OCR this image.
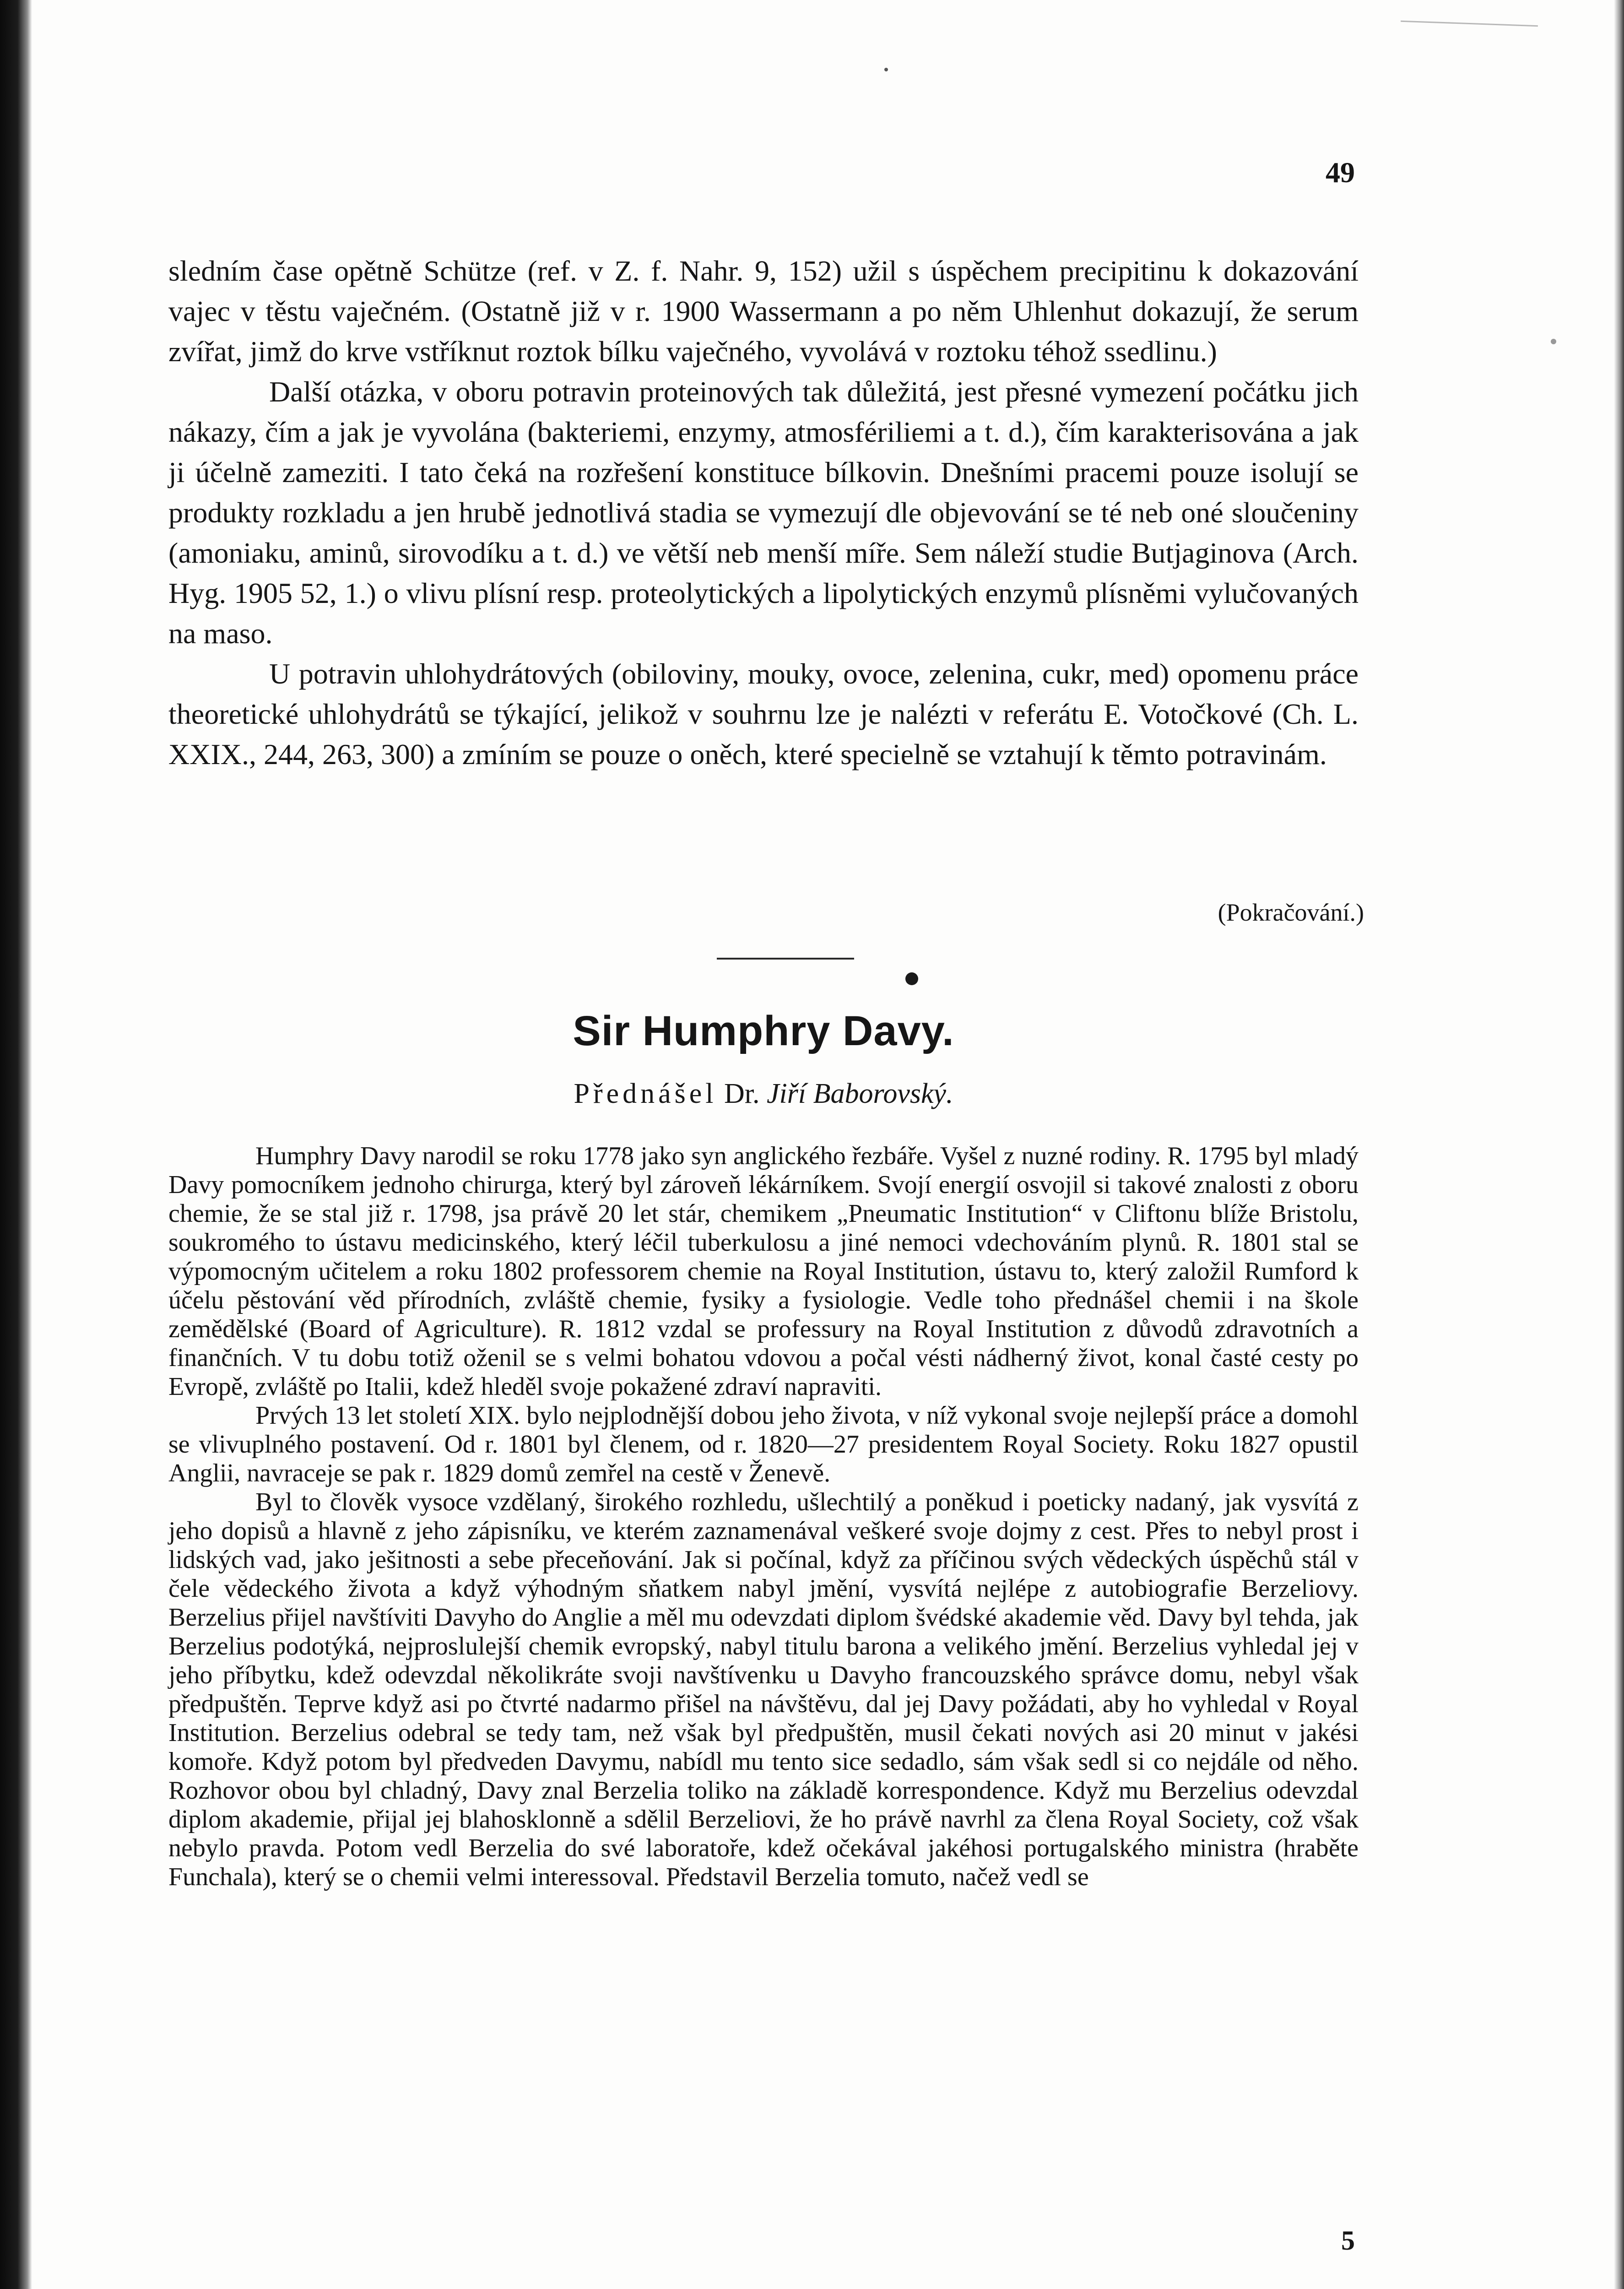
49

sledním čase opětně Schütze (ref. v Z. f. Nahr. 9, 152) užil s úspěchem precipitinu k dokazování vajec v těstu vaječném. (Ostatně již v r. 1900 Wassermann a po něm Uhlenhut dokazují, že serum zvířat, jimž do krve vstříknut roztok bílku vaječného, vyvolává v roztoku téhož ssedlinu.)

Další otázka, v oboru potravin proteinových tak důležitá, jest přesné vymezení počátku jich nákazy, čím a jak je vyvolána (bakteriemi, enzymy, atmosfériliemi a t. d.), čím karakterisována a jak ji účelně zameziti. I tato čeká na rozřešení konstituce bílkovin. Dnešními pracemi pouze isolují se produkty rozkladu a jen hrubě jednotlivá stadia se vymezují dle objevování se té neb oné sloučeniny (amoniaku, aminů, sirovodíku a t. d.) ve větší neb menší míře. Sem náleží studie Butjaginova (Arch. Hyg. 1905 52, 1.) o vlivu plísní resp. proteolytických a lipolytických enzymů plísněmi vylučovaných na maso.

U potravin uhlohydrátových (obiloviny, mouky, ovoce, zelenina, cukr, med) opomenu práce theoretické uhlohydrátů se týkající, jelikož v souhrnu lze je nalézti v referátu E. Votočkové (Ch. L. XXIX., 244, 263, 300) a zmíním se pouze o oněch, které specielně se vztahují k těmto potravinám.

(Pokračování.)
Sir Humphry Davy.
Přednášel Dr. Jiří Baborovský.

Humphry Davy narodil se roku 1778 jako syn anglického řezbáře. Vyšel z nuzné rodiny. R. 1795 byl mladý Davy pomocníkem jednoho chirurga, který byl zároveň lékárníkem. Svojí energií osvojil si takové znalosti z oboru chemie, že se stal již r. 1798, jsa právě 20 let stár, chemikem „Pneumatic Institution“ v Cliftonu blíže Bristolu, soukromého to ústavu medicinského, který léčil tuberkulosu a jiné nemoci vdechováním plynů. R. 1801 stal se výpomocným učitelem a roku 1802 professorem chemie na Royal Institution, ústavu to, který založil Rumford k účelu pěstování věd přírodních, zvláště chemie, fysiky a fysiologie. Vedle toho přednášel chemii i na škole zemědělské (Board of Agriculture). R. 1812 vzdal se professury na Royal Institution z důvodů zdravotních a finančních. V tu dobu totiž oženil se s velmi bohatou vdovou a počal vésti nádherný život, konal časté cesty po Evropě, zvláště po Italii, kdež hleděl svoje pokažené zdraví napraviti.

Prvých 13 let století XIX. bylo nejplodnější dobou jeho života, v níž vykonal svoje nejlepší práce a domohl se vlivuplného postavení. Od r. 1801 byl členem, od r. 1820—27 presidentem Royal Society. Roku 1827 opustil Anglii, navraceje se pak r. 1829 domů zemřel na cestě v Ženevě.

Byl to člověk vysoce vzdělaný, širokého rozhledu, ušlechtilý a poněkud i poeticky nadaný, jak vysvítá z jeho dopisů a hlavně z jeho zápisníku, ve kterém zaznamenával veškeré svoje dojmy z cest. Přes to nebyl prost i lidských vad, jako ješitnosti a sebe přeceňování. Jak si počínal, když za příčinou svých vědeckých úspěchů stál v čele vědeckého života a když výhodným sňatkem nabyl jmění, vysvítá nejlépe z autobiografie Berzeliovy. Berzelius přijel navštíviti Davyho do Anglie a měl mu odevzdati diplom švédské akademie věd. Davy byl tehda, jak Berzelius podotýká, nejproslulejší chemik evropský, nabyl titulu barona a velikého jmění. Berzelius vyhledal jej v jeho příbytku, kdež odevzdal několikráte svoji navštívenku u Davyho francouzského správce domu, nebyl však předpuštěn. Teprve když asi po čtvrté nadarmo přišel na návštěvu, dal jej Davy požádati, aby ho vyhledal v Royal Institution. Berzelius odebral se tedy tam, než však byl předpuštěn, musil čekati nových asi 20 minut v jakési komoře. Když potom byl předveden Davymu, nabídl mu tento sice sedadlo, sám však sedl si co nejdále od něho. Rozhovor obou byl chladný, Davy znal Berzelia toliko na základě korrespondence. Když mu Berzelius odevzdal diplom akademie, přijal jej blahosklonně a sdělil Berzeliovi, že ho právě navrhl za člena Royal Society, což však nebylo pravda. Potom vedl Berzelia do své laboratoře, kdež očekával jakéhosi portugalského ministra (hraběte Funchala), který se o chemii velmi interessoval. Představil Berzelia tomuto, načež vedl se

5
